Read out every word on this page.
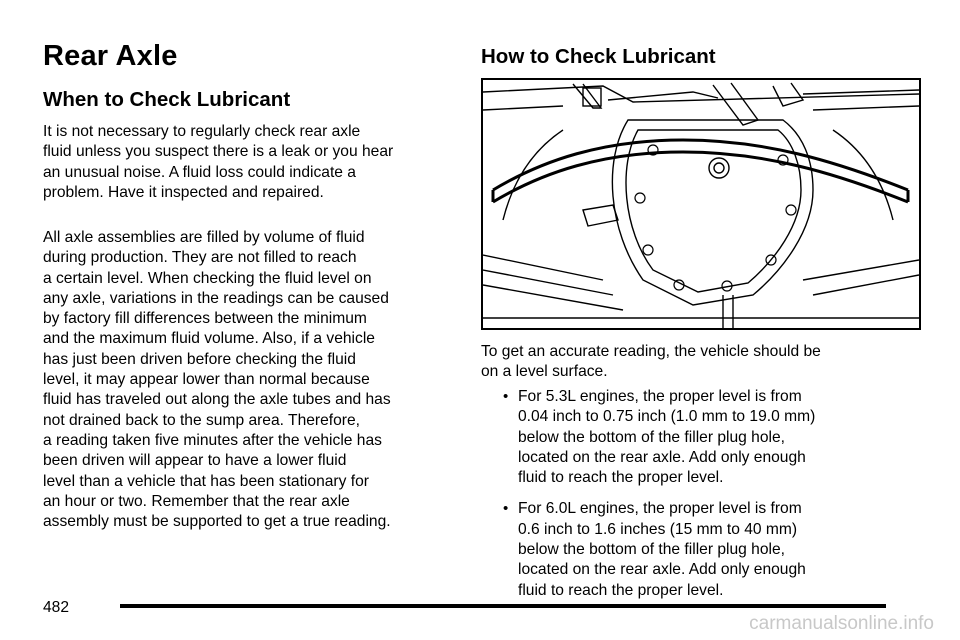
Rear Axle
When to Check Lubricant

It is not necessary to regularly check rear axle
fluid unless you suspect there is a leak or you hear
an unusual noise. A fluid loss could indicate a
problem. Have it inspected and repaired.

All axle assemblies are filled by volume of fluid
during production. They are not filled to reach
a certain level. When checking the fluid level on
any axle, variations in the readings can be caused
by factory fill differences between the minimum
and the maximum fluid volume. Also, if a vehicle
has just been driven before checking the fluid
level, it may appear lower than normal because
fluid has traveled out along the axle tubes and has
not drained back to the sump area. Therefore,
a reading taken five minutes after the vehicle has
been driven will appear to have a lower fluid
level than a vehicle that has been stationary for
an hour or two. Remember that the rear axle
assembly must be supported to get a true reading.

How to Check Lubricant

To get an accurate reading, the vehicle should be
on a level surface.

• For 5.3L engines, the proper level is from
0.04 inch to 0.75 inch (1.0 mm to 19.0 mm)
below the bottom of the filler plug hole,
located on the rear axle. Add only enough
fluid to reach the proper level.
• For 6.0L engines, the proper level is from
0.6 inch to 1.6 inches (15 mm to 40 mm)
below the bottom of the filler plug hole,
located on the rear axle. Add only enough
fluid to reach the proper level.
482
carmanualsonline.info
